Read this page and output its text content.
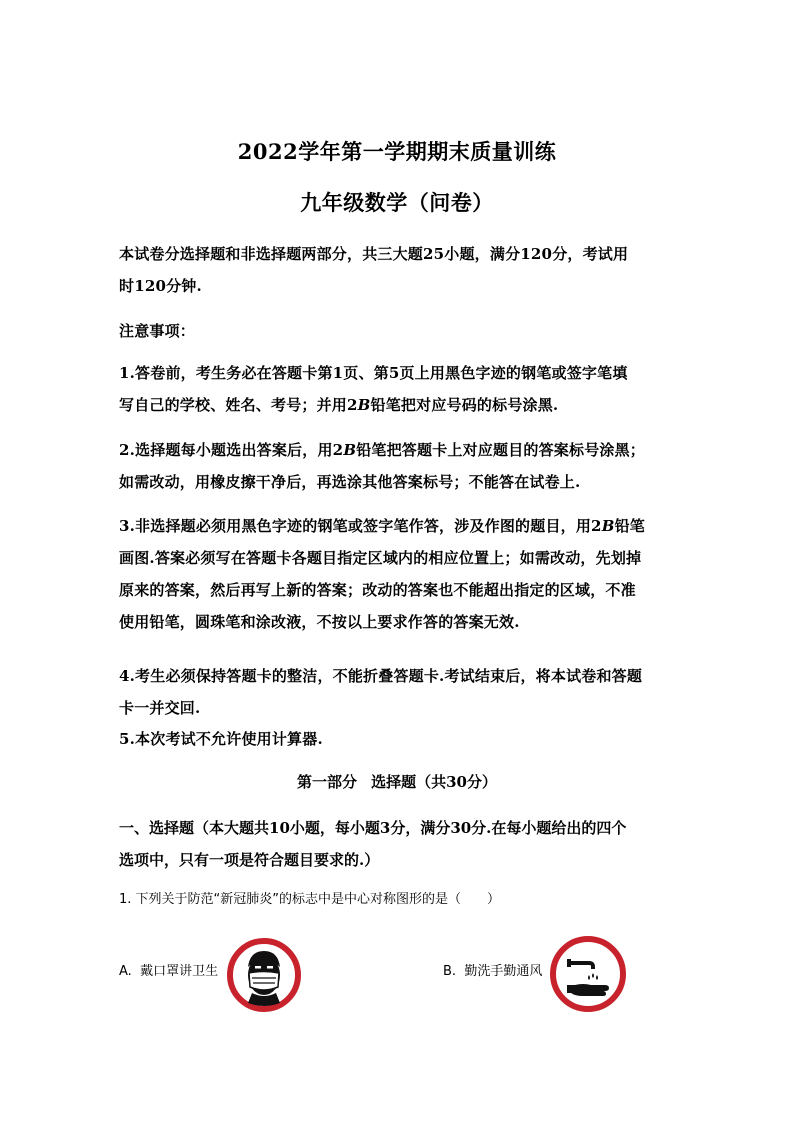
2022学年第一学期期末质量训练
九年级数学（问卷）

本试卷分选择题和非选择题两部分，共三大题25小题，满分120分，考试用

时120分钟.

注意事项：

1.答卷前，考生务必在答题卡第1页、第5页上用黑色字迹的钢笔或签字笔填

写自己的学校、姓名、考号；并用2B铅笔把对应号码的标号涂黑.

2.选择题每小题选出答案后，用2B铅笔把答题卡上对应题目的答案标号涂黑；

如需改动，用橡皮擦干净后，再选涂其他答案标号；不能答在试卷上.

3.非选择题必须用黑色字迹的钢笔或签字笔作答，涉及作图的题目，用2B铅笔

画图.答案必须写在答题卡各题目指定区域内的相应位置上；如需改动，先划掉

原来的答案，然后再写上新的答案；改动的答案也不能超出指定的区域，不准

使用铅笔，圆珠笔和涂改液，不按以上要求作答的答案无效.

4.考生必须保持答题卡的整洁，不能折叠答题卡.考试结束后，将本试卷和答题

卡一并交回.

5.本次考试不允许使用计算器.

第一部分 选择题（共30分）
一、选择题（本大题共10小题，每小题3分，满分30分.在每小题给出的四个
选项中，只有一项是符合题目要求的.）
1. 下列关于防范“新冠肺炎”的标志中是中心对称图形的是（　　）
A. 戴口罩讲卫生	B. 勤洗手勤通风
